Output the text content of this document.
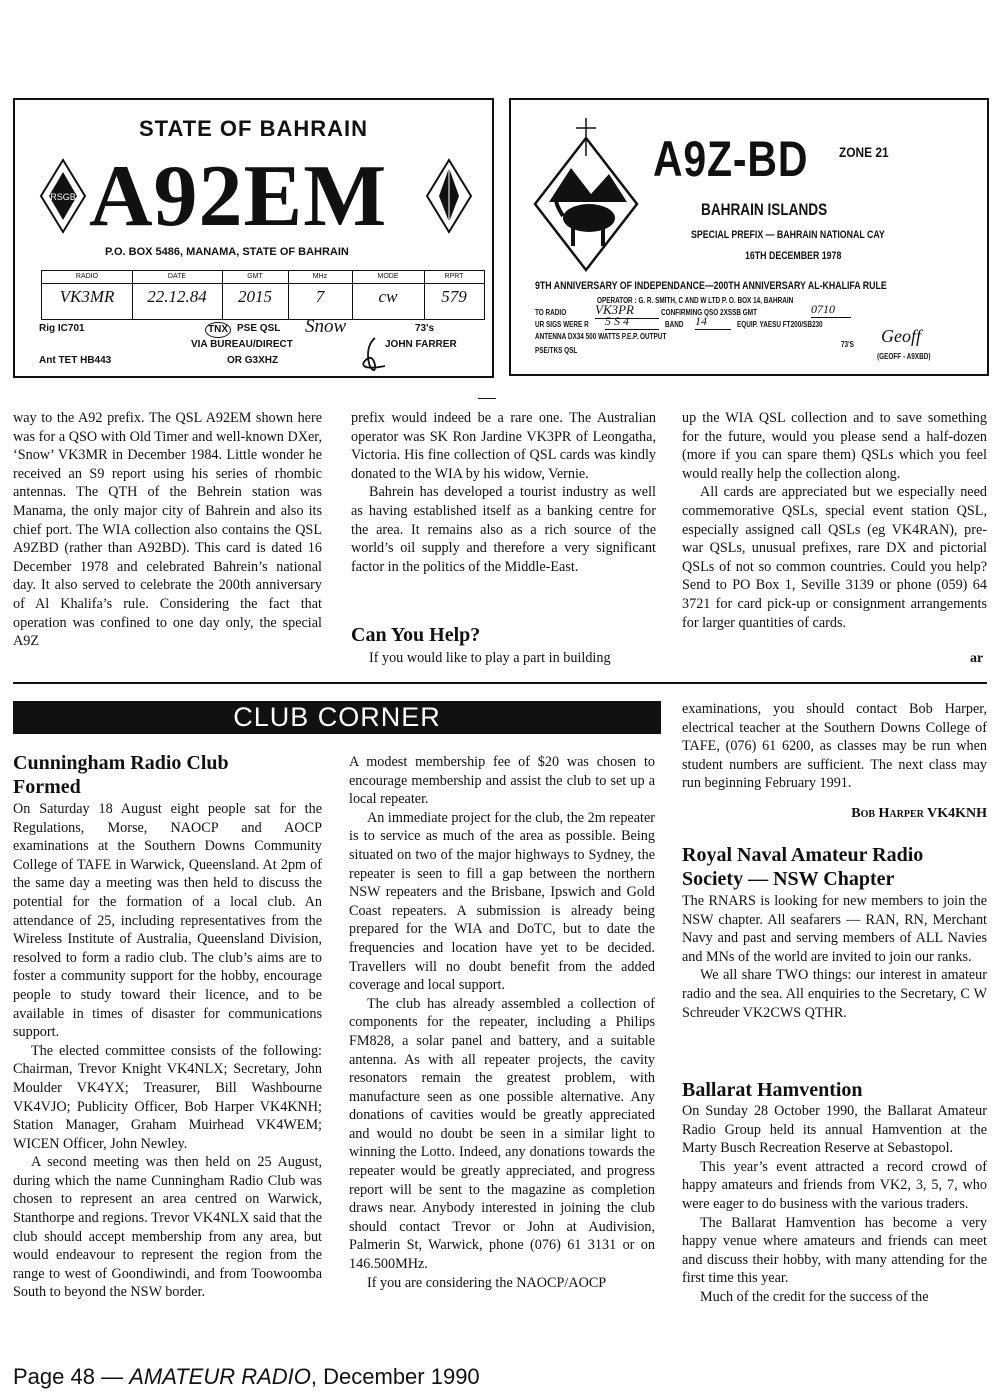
STATE OF BAHRAIN
RSGB A92EM
P.O. BOX 5486, MANAMA, STATE OF BAHRAIN
RADIO	DATE	GMT	MHz	MODE	RPRT
VK3MR	22.12.84	2015	7	cw	579
Rig IC701	TNX PSE QSL Snow	73's
VIA BUREAU/DIRECT	JOHN FARRER
Ant TET HB443	OR G3XHZ
A9Z-BD ZONE 21
BAHRAIN ISLANDS
SPECIAL PREFIX — BAHRAIN NATIONAL CAY
16TH DECEMBER 1978
9TH ANNIVERSARY OF INDEPENDANCE—200TH ANNIVERSARY AL-KHALIFA RULE
OPERATOR : G. R. SMITH, C AND W LTD P. O. BOX 14, BAHRAIN
TO RADIO VK3PR	CONFIRMING QSO 2XSSB GMT	0710
UR SIGS WERE R 5 S 4	BAND 14	EQUIP. YAESU FT200/SB230
ANTENNA DX34 500 WATTS P.E.P. OUTPUT
73'S Geoff
PSE/TKS QSL
(GEOFF - A9XBD)

way to the A92 prefix. The QSL A92EM shown here was for a QSO with Old Timer and well-known DXer, ‘Snow’ VK3MR in December 1984. Little wonder he received an S9 report using his series of rhombic antennas. The QTH of the Behrein station was Manama, the only major city of Bahrein and also its chief port. The WIA collection also contains the QSL A9ZBD (rather than A92BD). This card is dated 16 December 1978 and celebrated Bahrein’s national day. It also served to celebrate the 200th anniversary of Al Khalifa’s rule. Considering the fact that operation was confined to one day only, the special A9Z

prefix would indeed be a rare one. The Australian operator was SK Ron Jardine VK3PR of Leongatha, Victoria. His fine collection of QSL cards was kindly donated to the WIA by his widow, Vernie.

Bahrein has developed a tourist industry as well as having established itself as a banking centre for the area. It remains also as a rich source of the world’s oil supply and therefore a very significant factor in the politics of the Middle-East.

Can You Help?

If you would like to play a part in building

up the WIA QSL collection and to save something for the future, would you please send a half-dozen (more if you can spare them) QSLs which you feel would really help the collection along.

All cards are appreciated but we especially need commemorative QSLs, special event station QSL, especially assigned call QSLs (eg VK4RAN), pre-war QSLs, unusual prefixes, rare DX and pictorial QSLs of not so common countries. Could you help? Send to PO Box 1, Seville 3139 or phone (059) 64 3721 for card pick-up or consignment arrangements for larger quantities of cards.

ar
CLUB CORNER
Cunningham Radio Club Formed

On Saturday 18 August eight people sat for the Regulations, Morse, NAOCP and AOCP examinations at the Southern Downs Community College of TAFE in Warwick, Queensland. At 2pm of the same day a meeting was then held to discuss the potential for the formation of a local club. An attendance of 25, including representatives from the Wireless Institute of Australia, Queensland Division, resolved to form a radio club. The club’s aims are to foster a community support for the hobby, encourage people to study toward their licence, and to be available in times of disaster for communications support.

The elected committee consists of the following: Chairman, Trevor Knight VK4NLX; Secretary, John Moulder VK4YX; Treasurer, Bill Washbourne VK4VJO; Publicity Officer, Bob Harper VK4KNH; Station Manager, Graham Muirhead VK4WEM; WICEN Officer, John Newley.

A second meeting was then held on 25 August, during which the name Cunningham Radio Club was chosen to represent an area centred on Warwick, Stanthorpe and regions. Trevor VK4NLX said that the club should accept membership from any area, but would endeavour to represent the region from the range to west of Goondiwindi, and from Toowoomba South to beyond the NSW border.

A modest membership fee of $20 was chosen to encourage membership and assist the club to set up a local repeater.

An immediate project for the club, the 2m repeater is to service as much of the area as possible. Being situated on two of the major highways to Sydney, the repeater is seen to fill a gap between the northern NSW repeaters and the Brisbane, Ipswich and Gold Coast repeaters. A submission is already being prepared for the WIA and DoTC, but to date the frequencies and location have yet to be decided. Travellers will no doubt benefit from the added coverage and local support.

The club has already assembled a collection of components for the repeater, including a Philips FM828, a solar panel and battery, and a suitable antenna. As with all repeater projects, the cavity resonators remain the greatest problem, with manufacture seen as one possible alternative. Any donations of cavities would be greatly appreciated and would no doubt be seen in a similar light to winning the Lotto. Indeed, any donations towards the repeater would be greatly appreciated, and progress report will be sent to the magazine as completion draws near. Anybody interested in joining the club should contact Trevor or John at Audivision, Palmerin St, Warwick, phone (076) 61 3131 or on 146.500MHz.

If you are considering the NAOCP/AOCP

examinations, you should contact Bob Harper, electrical teacher at the Southern Downs College of TAFE, (076) 61 6200, as classes may be run when student numbers are sufficient. The next class may run beginning February 1991.

Bob Harper VK4KNH
Royal Naval Amateur Radio Society — NSW Chapter

The RNARS is looking for new members to join the NSW chapter. All seafarers — RAN, RN, Merchant Navy and past and serving members of ALL Navies and MNs of the world are invited to join our ranks.

We all share TWO things: our interest in amateur radio and the sea. All enquiries to the Secretary, C W Schreuder VK2CWS QTHR.

Ballarat Hamvention

On Sunday 28 October 1990, the Ballarat Amateur Radio Group held its annual Hamvention at the Marty Busch Recreation Reserve at Sebastopol.

This year’s event attracted a record crowd of happy amateurs and friends from VK2, 3, 5, 7, who were eager to do business with the various traders.

The Ballarat Hamvention has become a very happy venue where amateurs and friends can meet and discuss their hobby, with many attending for the first time this year.

Much of the credit for the success of the

Page 48 — AMATEUR RADIO, December 1990
